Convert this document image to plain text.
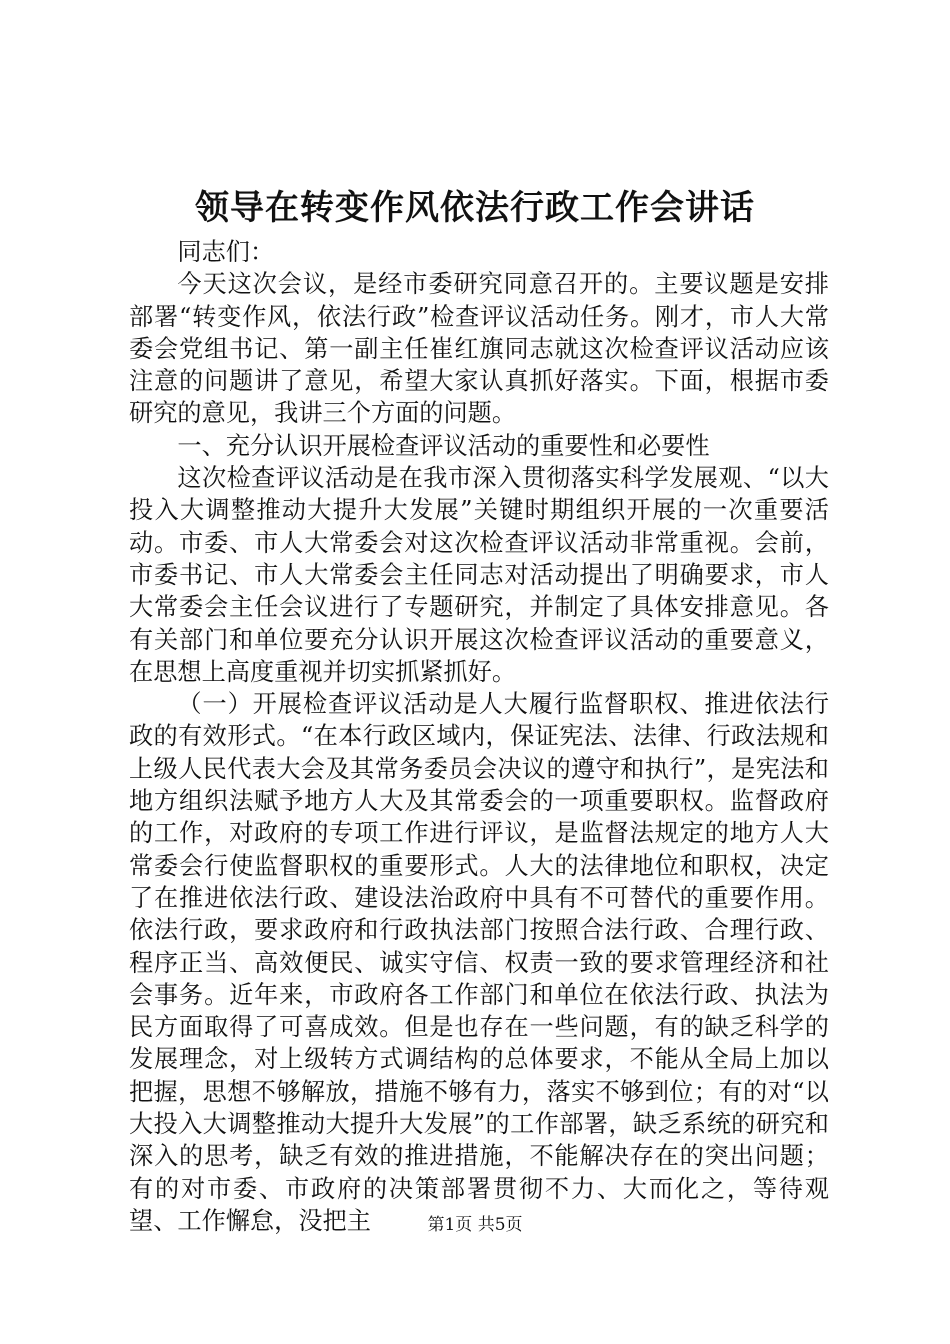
领导在转变作风依法行政工作会讲话

同志们：

今天这次会议，是经市委研究同意召开的。主要议题是安排部署“转变作风，依法行政”检查评议活动任务。刚才，市人大常委会党组书记、第一副主任崔红旗同志就这次检查评议活动应该注意的问题讲了意见，希望大家认真抓好落实。下面，根据市委研究的意见，我讲三个方面的问题。

一、充分认识开展检查评议活动的重要性和必要性

这次检查评议活动是在我市深入贯彻落实科学发展观、“以大投入大调整推动大提升大发展”关键时期组织开展的一次重要活动。市委、市人大常委会对这次检查评议活动非常重视。会前，市委书记、市人大常委会主任同志对活动提出了明确要求，市人大常委会主任会议进行了专题研究，并制定了具体安排意见。各有关部门和单位要充分认识开展这次检查评议活动的重要意义，在思想上高度重视并切实抓紧抓好。

（一）开展检查评议活动是人大履行监督职权、推进依法行政的有效形式。“在本行政区域内，保证宪法、法律、行政法规和上级人民代表大会及其常务委员会决议的遵守和执行”，是宪法和地方组织法赋予地方人大及其常委会的一项重要职权。监督政府的工作，对政府的专项工作进行评议，是监督法规定的地方人大常委会行使监督职权的重要形式。人大的法律地位和职权，决定了在推进依法行政、建设法治政府中具有不可替代的重要作用。依法行政，要求政府和行政执法部门按照合法行政、合理行政、程序正当、高效便民、诚实守信、权责一致的要求管理经济和社会事务。近年来，市政府各工作部门和单位在依法行政、执法为民方面取得了可喜成效。但是也存在一些问题，有的缺乏科学的发展理念，对上级转方式调结构的总体要求，不能从全局上加以把握，思想不够解放，措施不够有力，落实不够到位；有的对“以大投入大调整推动大提升大发展”的工作部署，缺乏系统的研究和深入的思考，缺乏有效的推进措施，不能解决存在的突出问题；有的对市委、市政府的决策部署贯彻不力、大而化之，等待观望、工作懈怠，没把主	第1页 共5页
